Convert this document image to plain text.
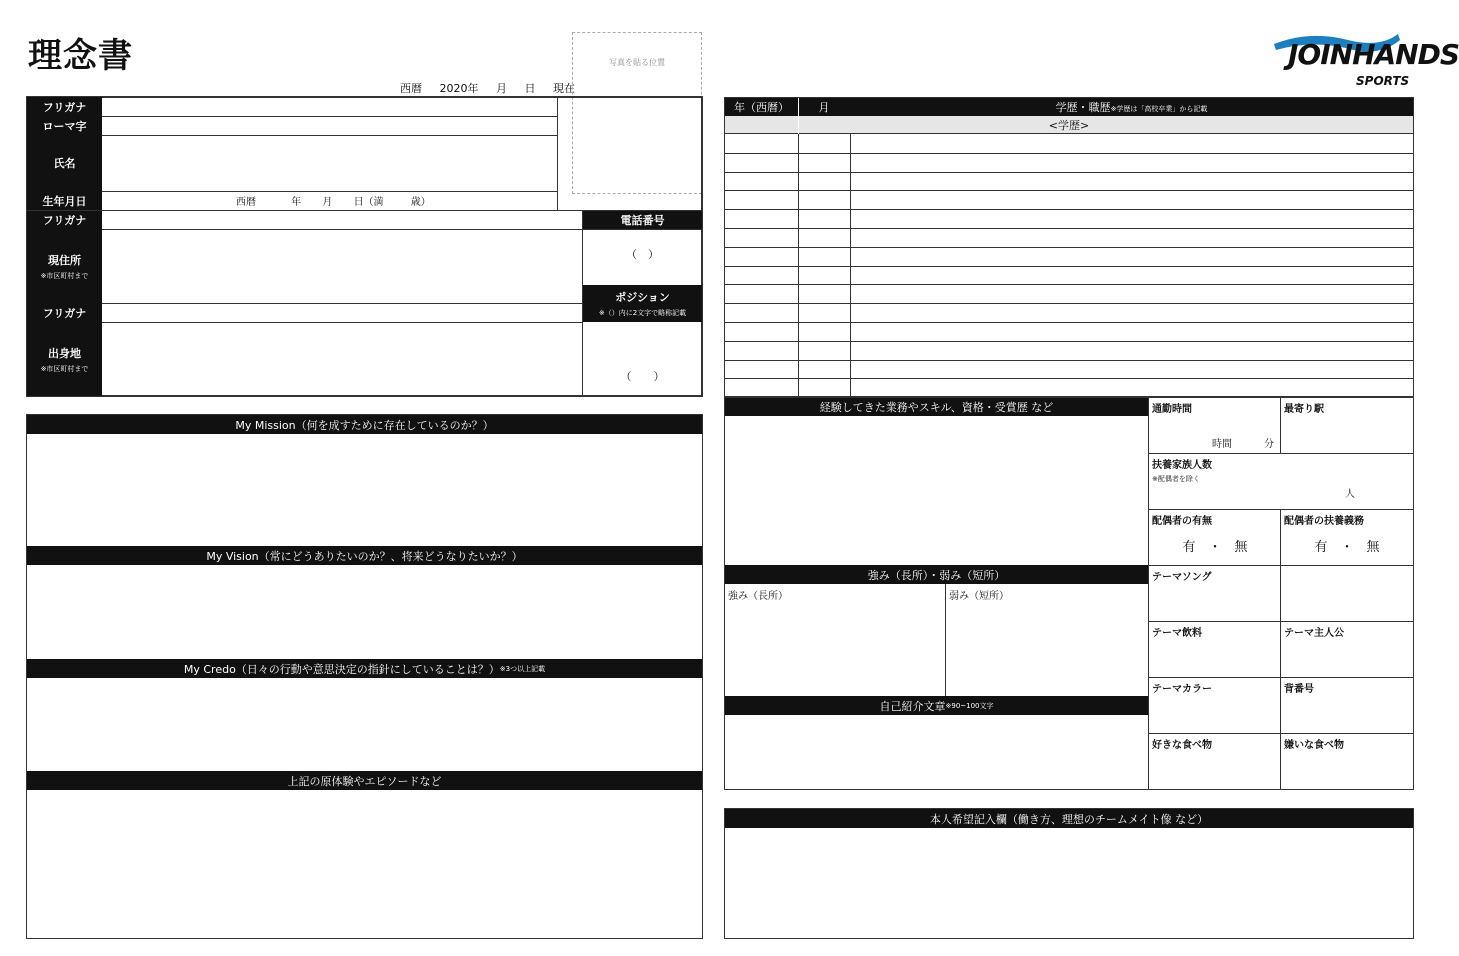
理念書
西暦 2020年 月 日 現在
写真を貼る位置	JOINHANDS
SPORTS
フリガナ
ローマ字
氏名
生年月日
フリガナ
現住所
※市区町村まで
フリガナ
出身地
※市区町村まで
西暦	年 月 日（満	歳）
電話番号
（　）
ポジション
※（）内に2文字で略称記載
（　　）
My Mission（何を成すために存在しているのか？）
My Vision（常にどうありたいのか？、将来どうなりたいか？）
My Credo（日々の行動や意思決定の指針にしていることは？） ※3つ以上記載
上記の原体験やエピソードなど
年（西暦）	月	学歴・職歴※学歴は「高校卒業」から記載
<学歴>
経験してきた業務やスキル、資格・受賞歴 など	通勤時間
時間	分
最寄り駅
扶養家族人数
※配偶者を除く
人
配偶者の有無
有　・　無
配偶者の扶養義務
有　・　無
強み（長所）・弱み（短所）
強み（長所）	弱み（短所）
テーマソング
テーマ飲料	テーマ主人公
テーマカラー	背番号
好きな食べ物	嫌いな食べ物
自己紹介文章 ※90~100文字
本人希望記入欄（働き方、理想のチームメイト像 など）
